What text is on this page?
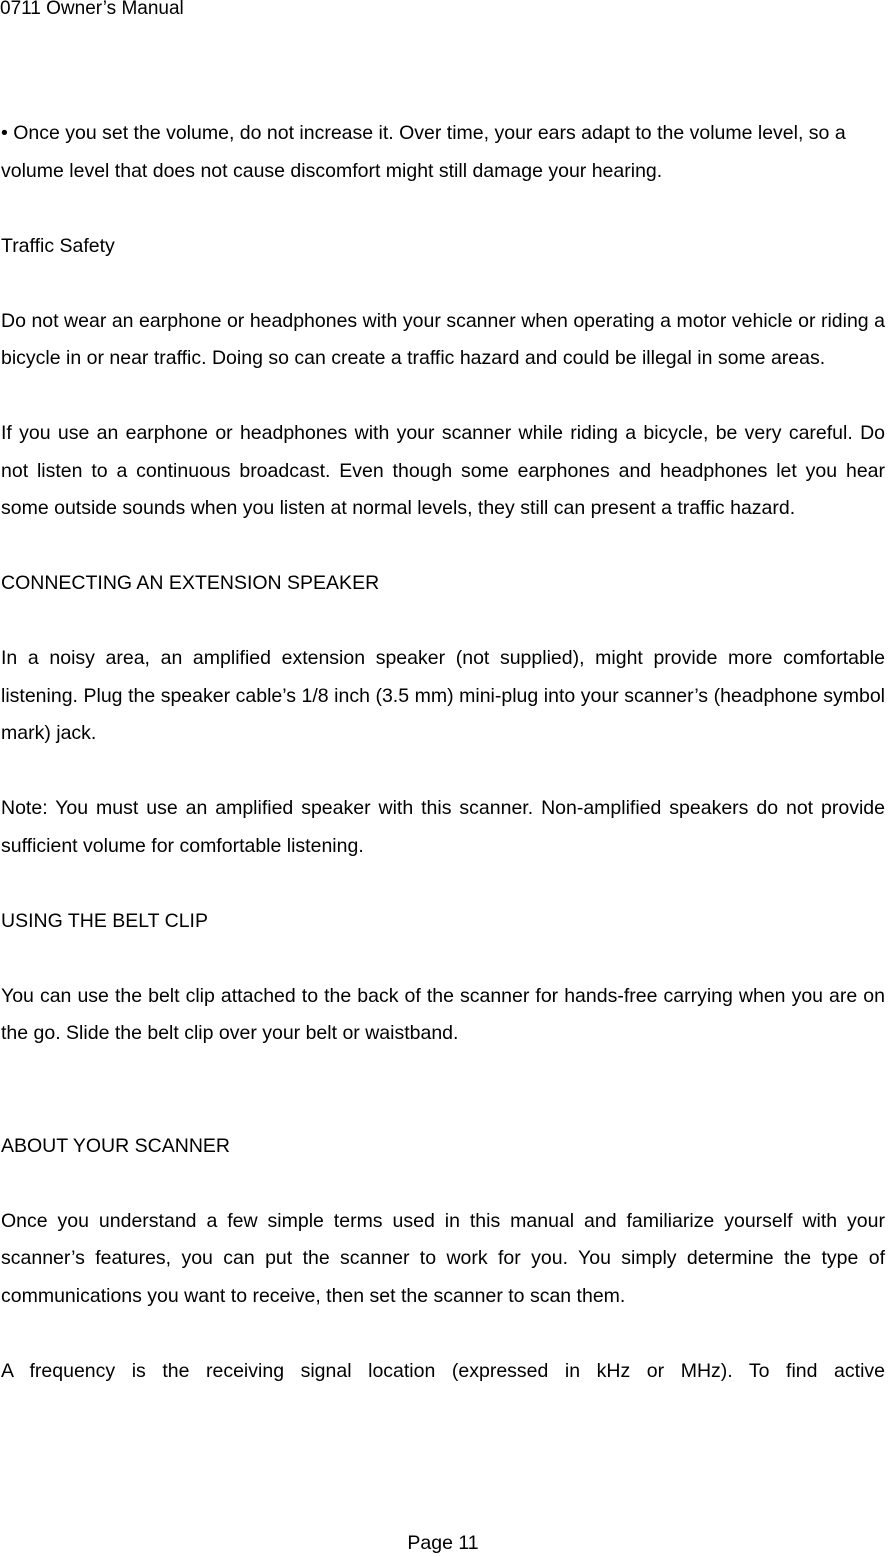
0711 Owner’s Manual

• Once you set the volume, do not increase it. Over time, your ears adapt to the volume level, so a volume level that does not cause discomfort might still damage your hearing.

Traffic Safety

Do not wear an earphone or headphones with your scanner when operating a motor vehicle or riding a bicycle in or near traffic. Doing so can create a traffic hazard and could be illegal in some areas.

If you use an earphone or headphones with your scanner while riding a bicycle, be very careful. Do not listen to a continuous broadcast. Even though some earphones and headphones let you hear some outside sounds when you listen at normal levels, they still can present a traffic hazard.

CONNECTING AN EXTENSION SPEAKER

In a noisy area, an amplified extension speaker (not supplied), might provide more comfortable listening. Plug the speaker cable’s 1/8 inch (3.5 mm) mini-plug into your scanner’s (headphone symbol mark) jack.

Note: You must use an amplified speaker with this scanner. Non-amplified speakers do not provide sufficient volume for comfortable listening.

USING THE BELT CLIP

You can use the belt clip attached to the back of the scanner for hands-free carrying when you are on the go. Slide the belt clip over your belt or waistband.

ABOUT YOUR SCANNER

Once you understand a few simple terms used in this manual and familiarize yourself with your scanner’s features, you can put the scanner to work for you. You simply determine the type of communications you want to receive, then set the scanner to scan them.

A frequency is the receiving signal location (expressed in kHz or MHz). To find active

Page 11
